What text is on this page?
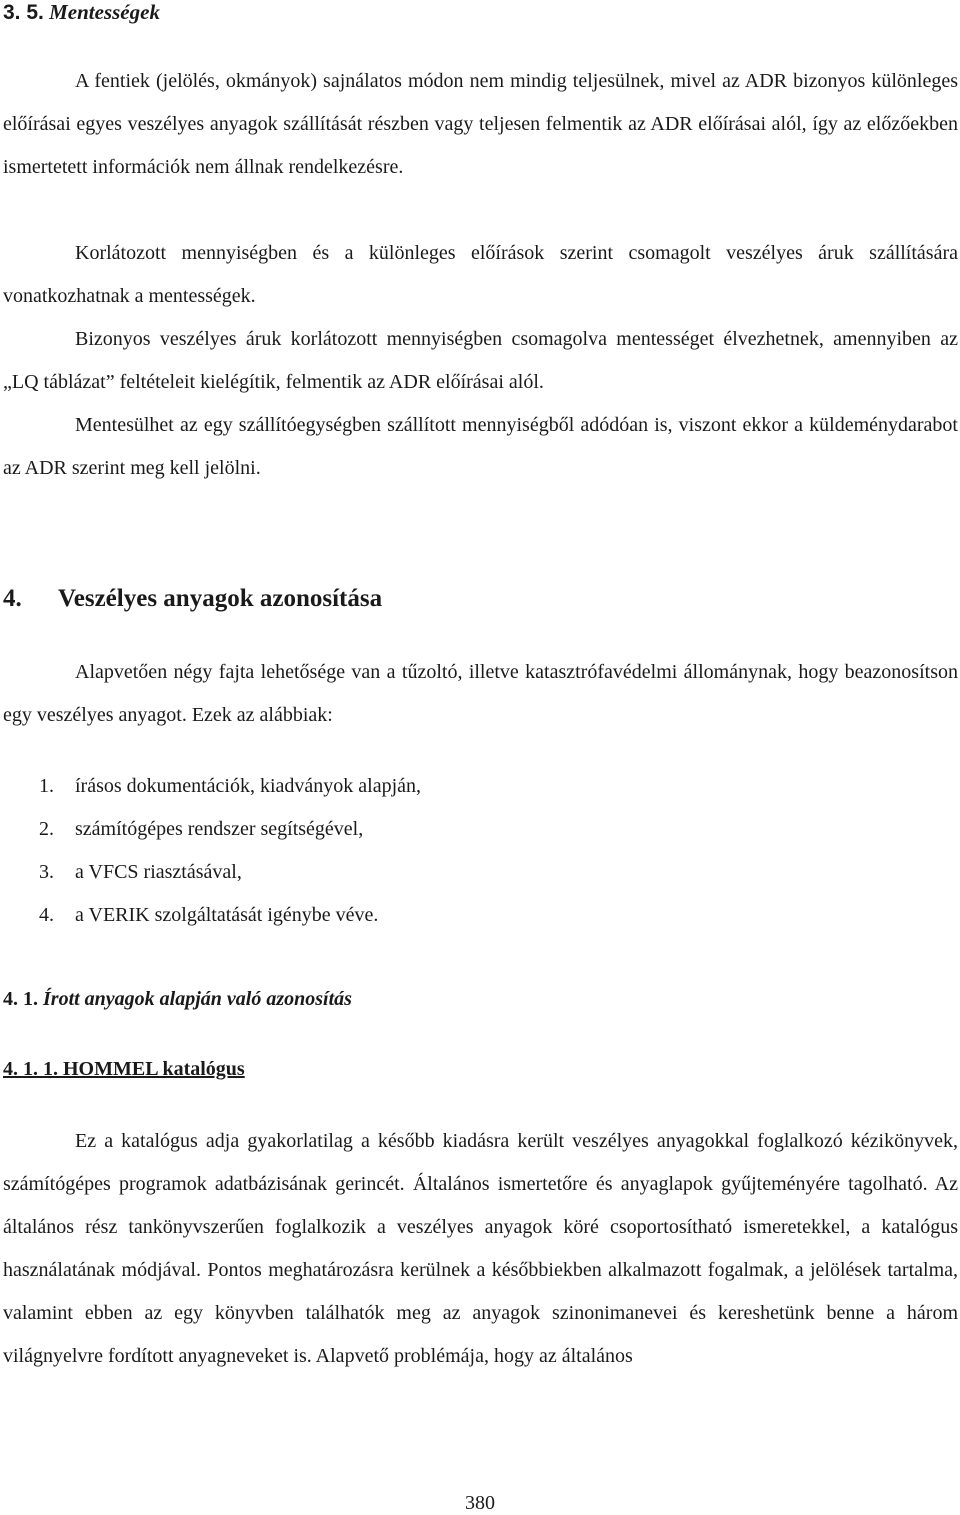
3. 5. Mentességek

A fentiek (jelölés, okmányok) sajnálatos módon nem mindig teljesülnek, mivel az ADR bizonyos különleges előírásai egyes veszélyes anyagok szállítását részben vagy teljesen felmentik az ADR előírásai alól, így az előzőekben ismertetett információk nem állnak rendelkezésre.

Korlátozott mennyiségben és a különleges előírások szerint csomagolt veszélyes áruk szállítására vonatkozhatnak a mentességek.

Bizonyos veszélyes áruk korlátozott mennyiségben csomagolva mentességet élvezhetnek, amennyiben az „LQ táblázat” feltételeit kielégítik, felmentik az ADR előírásai alól.

Mentesülhet az egy szállítóegységben szállított mennyiségből adódóan is, viszont ekkor a küldeménydarabot az ADR szerint meg kell jelölni.

4. Veszélyes anyagok azonosítása

Alapvetően négy fajta lehetősége van a tűzoltó, illetve katasztrófavédelmi állománynak, hogy beazonosítson egy veszélyes anyagot. Ezek az alábbiak:

1. írásos dokumentációk, kiadványok alapján,
2. számítógépes rendszer segítségével,
3. a VFCS riasztásával,
4. a VERIK szolgáltatását igénybe véve.
4. 1. Írott anyagok alapján való azonosítás
4. 1. 1. HOMMEL katalógus

Ez a katalógus adja gyakorlatilag a később kiadásra került veszélyes anyagokkal foglalkozó kézikönyvek, számítógépes programok adatbázisának gerincét. Általános ismertetőre és anyaglapok gyűjteményére tagolható. Az általános rész tankönyvszerűen foglalkozik a veszélyes anyagok köré csoportosítható ismeretekkel, a katalógus használatának módjával. Pontos meghatározásra kerülnek a későbbiekben alkalmazott fogalmak, a jelölések tartalma, valamint ebben az egy könyvben találhatók meg az anyagok szinonimanevei és kereshetünk benne a három világnyelvre fordított anyagneveket is. Alapvető problémája, hogy az általános

380
